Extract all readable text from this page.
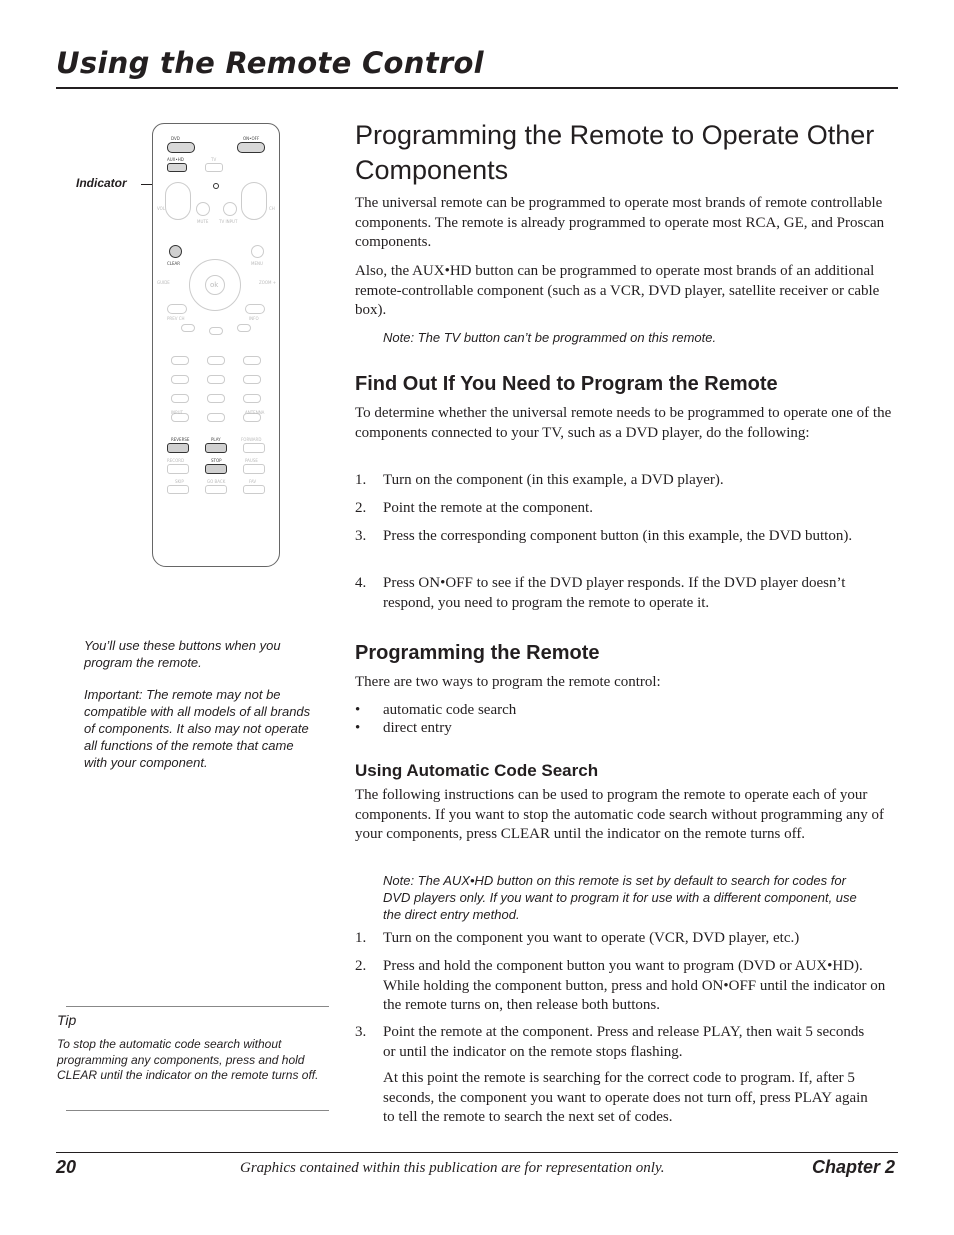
Using the Remote Control
Indicator
DVD	ON•OFF
AUX•HD	TV
VOL	CH
MUTE	TV INPUT
CLEAR	MENU
ok
GUIDE	ZOOM +
PREV CH	INFO
INPUT	ANTENNA
REVERSE	PLAY	FORWARD
RECORD	STOP	PAUSE
SKIP	GO BACK	FAV
You’ll use these buttons when you program the remote.
Important: The remote may not be compatible with all models of all brands of components. It also may not operate all functions of the remote that came with your component.
Tip
To stop the automatic code search without programming any components, press and hold CLEAR until the indicator on the remote turns off.
Programming the Remote to Operate Other Components
The universal remote can be programmed to operate most brands of remote controllable components. The remote is already programmed to operate most RCA, GE, and Proscan components.
Also, the AUX•HD button can be programmed to operate most brands of an additional remote-controllable component (such as a VCR, DVD player, satellite receiver or cable box).
Note: The TV button can’t be programmed on this remote.
Find Out If You Need to Program the Remote
To determine whether the universal remote needs to be programmed to operate one of the components connected to your TV, such as a DVD player, do the following:
1. Turn on the component (in this example, a DVD player).
2. Point the remote at the component.
3. Press the corresponding component button (in this example, the DVD button).
4. Press ON•OFF to see if the DVD player responds. If the DVD player doesn’t respond, you need to program the remote to operate it.
Programming the Remote
There are two ways to program the remote control:
• automatic code search
• direct entry
Using Automatic Code Search
The following instructions can be used to program the remote to operate each of your components. If you want to stop the automatic code search without programming any of your components, press CLEAR until the indicator on the remote turns off.
Note: The AUX•HD button on this remote is set by default to search for codes for DVD players only. If you want to program it for use with a different component, use the direct entry method.
1. Turn on the component you want to operate (VCR, DVD player, etc.)
2. Press and hold the component button you want to program (DVD or AUX•HD). While holding the component button, press and hold ON•OFF until the indicator on the remote turns on, then release both buttons.
3. Point the remote at the component. Press and release PLAY, then wait 5 seconds or until the indicator on the remote stops flashing.
At this point the remote is searching for the correct code to program. If, after 5 seconds, the component you want to operate does not turn off, press PLAY again to tell the remote to search the next set of codes.
20	Graphics contained within this publication are for representation only.	Chapter 2
